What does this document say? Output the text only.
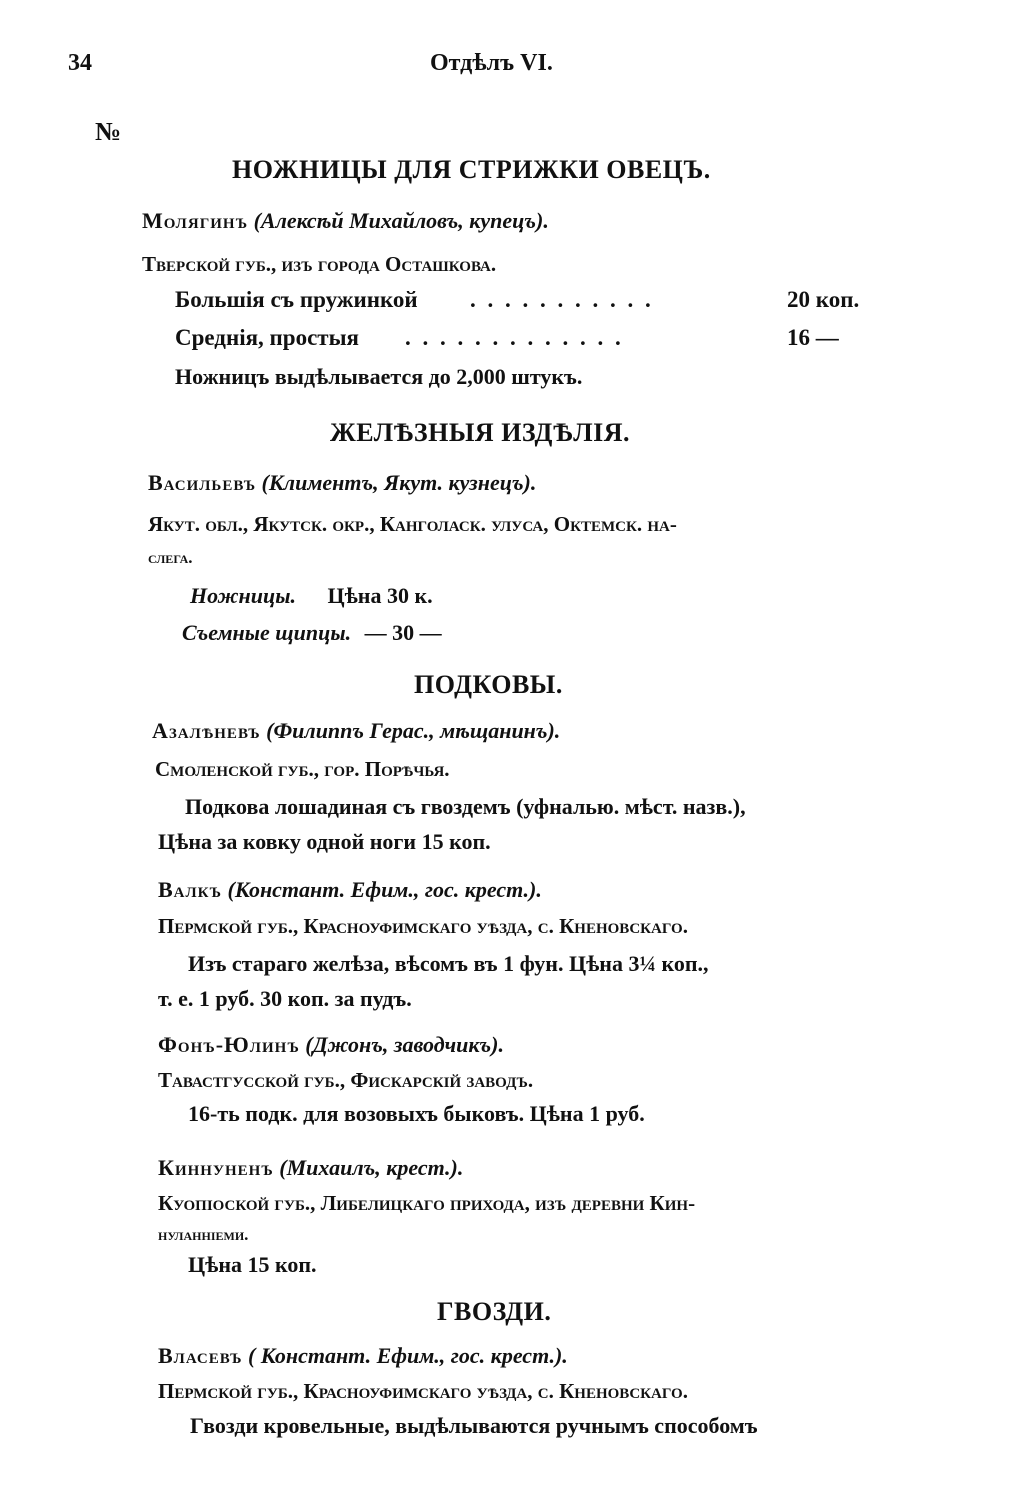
34	Отдѣлъ VI.
№
НОЖНИЦЫ ДЛЯ СТРИЖКИ ОВЕЦЪ.
Молягинъ (Алексѣй Михайловъ, купецъ).
Тверской губ., изъ города Осташкова.
Большія съ пружинкой . . . . . . . . . . .	20 коп.
Среднія, простыя . . . . . . . . . . . . .	16 —
Ножницъ выдѣлывается до 2,000 штукъ.
ЖЕЛѢЗНЫЯ ИЗДѢЛІЯ.
Васильевъ (Климентъ, Якут. кузнецъ).
Якут. обл., Якутск. окр., Канголаск. улуса, Октемск. на-
слега.
Ножницы. Цѣна 30 к.
Съемные щипцы. — 30 —
ПОДКОВЫ.
Азалѣневъ (Филиппъ Герас., мѣщанинъ).
Смоленской губ., гор. Порѣчья.
Подкова лошадиная съ гвоздемъ (уфналью. мѣст. назв.),
Цѣна за ковку одной ноги 15 коп.
Валкъ (Констант. Ефим., гос. крест.).
Пермской губ., Красноуфимскаго уѣзда, с. Кненовскаго.
Изъ стараго желѣза, вѣсомъ въ 1 фун. Цѣна 3¼ коп.,
т. е. 1 руб. 30 коп. за пудъ.
Фонъ-Юлинъ (Джонъ, заводчикъ).
Тавастгусской губ., Фискарскій заводъ.
16-ть подк. для возовыхъ быковъ. Цѣна 1 руб.
Киннуненъ (Михаилъ, крест.).
Куопіоской губ., Либелицкаго прихода, изъ деревни Кин-
нуланніеми.
Цѣна 15 коп.
ГВОЗДИ.
Власевъ ( Констант. Ефим., гос. крест.).
Пермской губ., Красноуфимскаго уѣзда, с. Кненовскаго.
Гвозди кровельные, выдѣлываются ручнымъ способомъ
